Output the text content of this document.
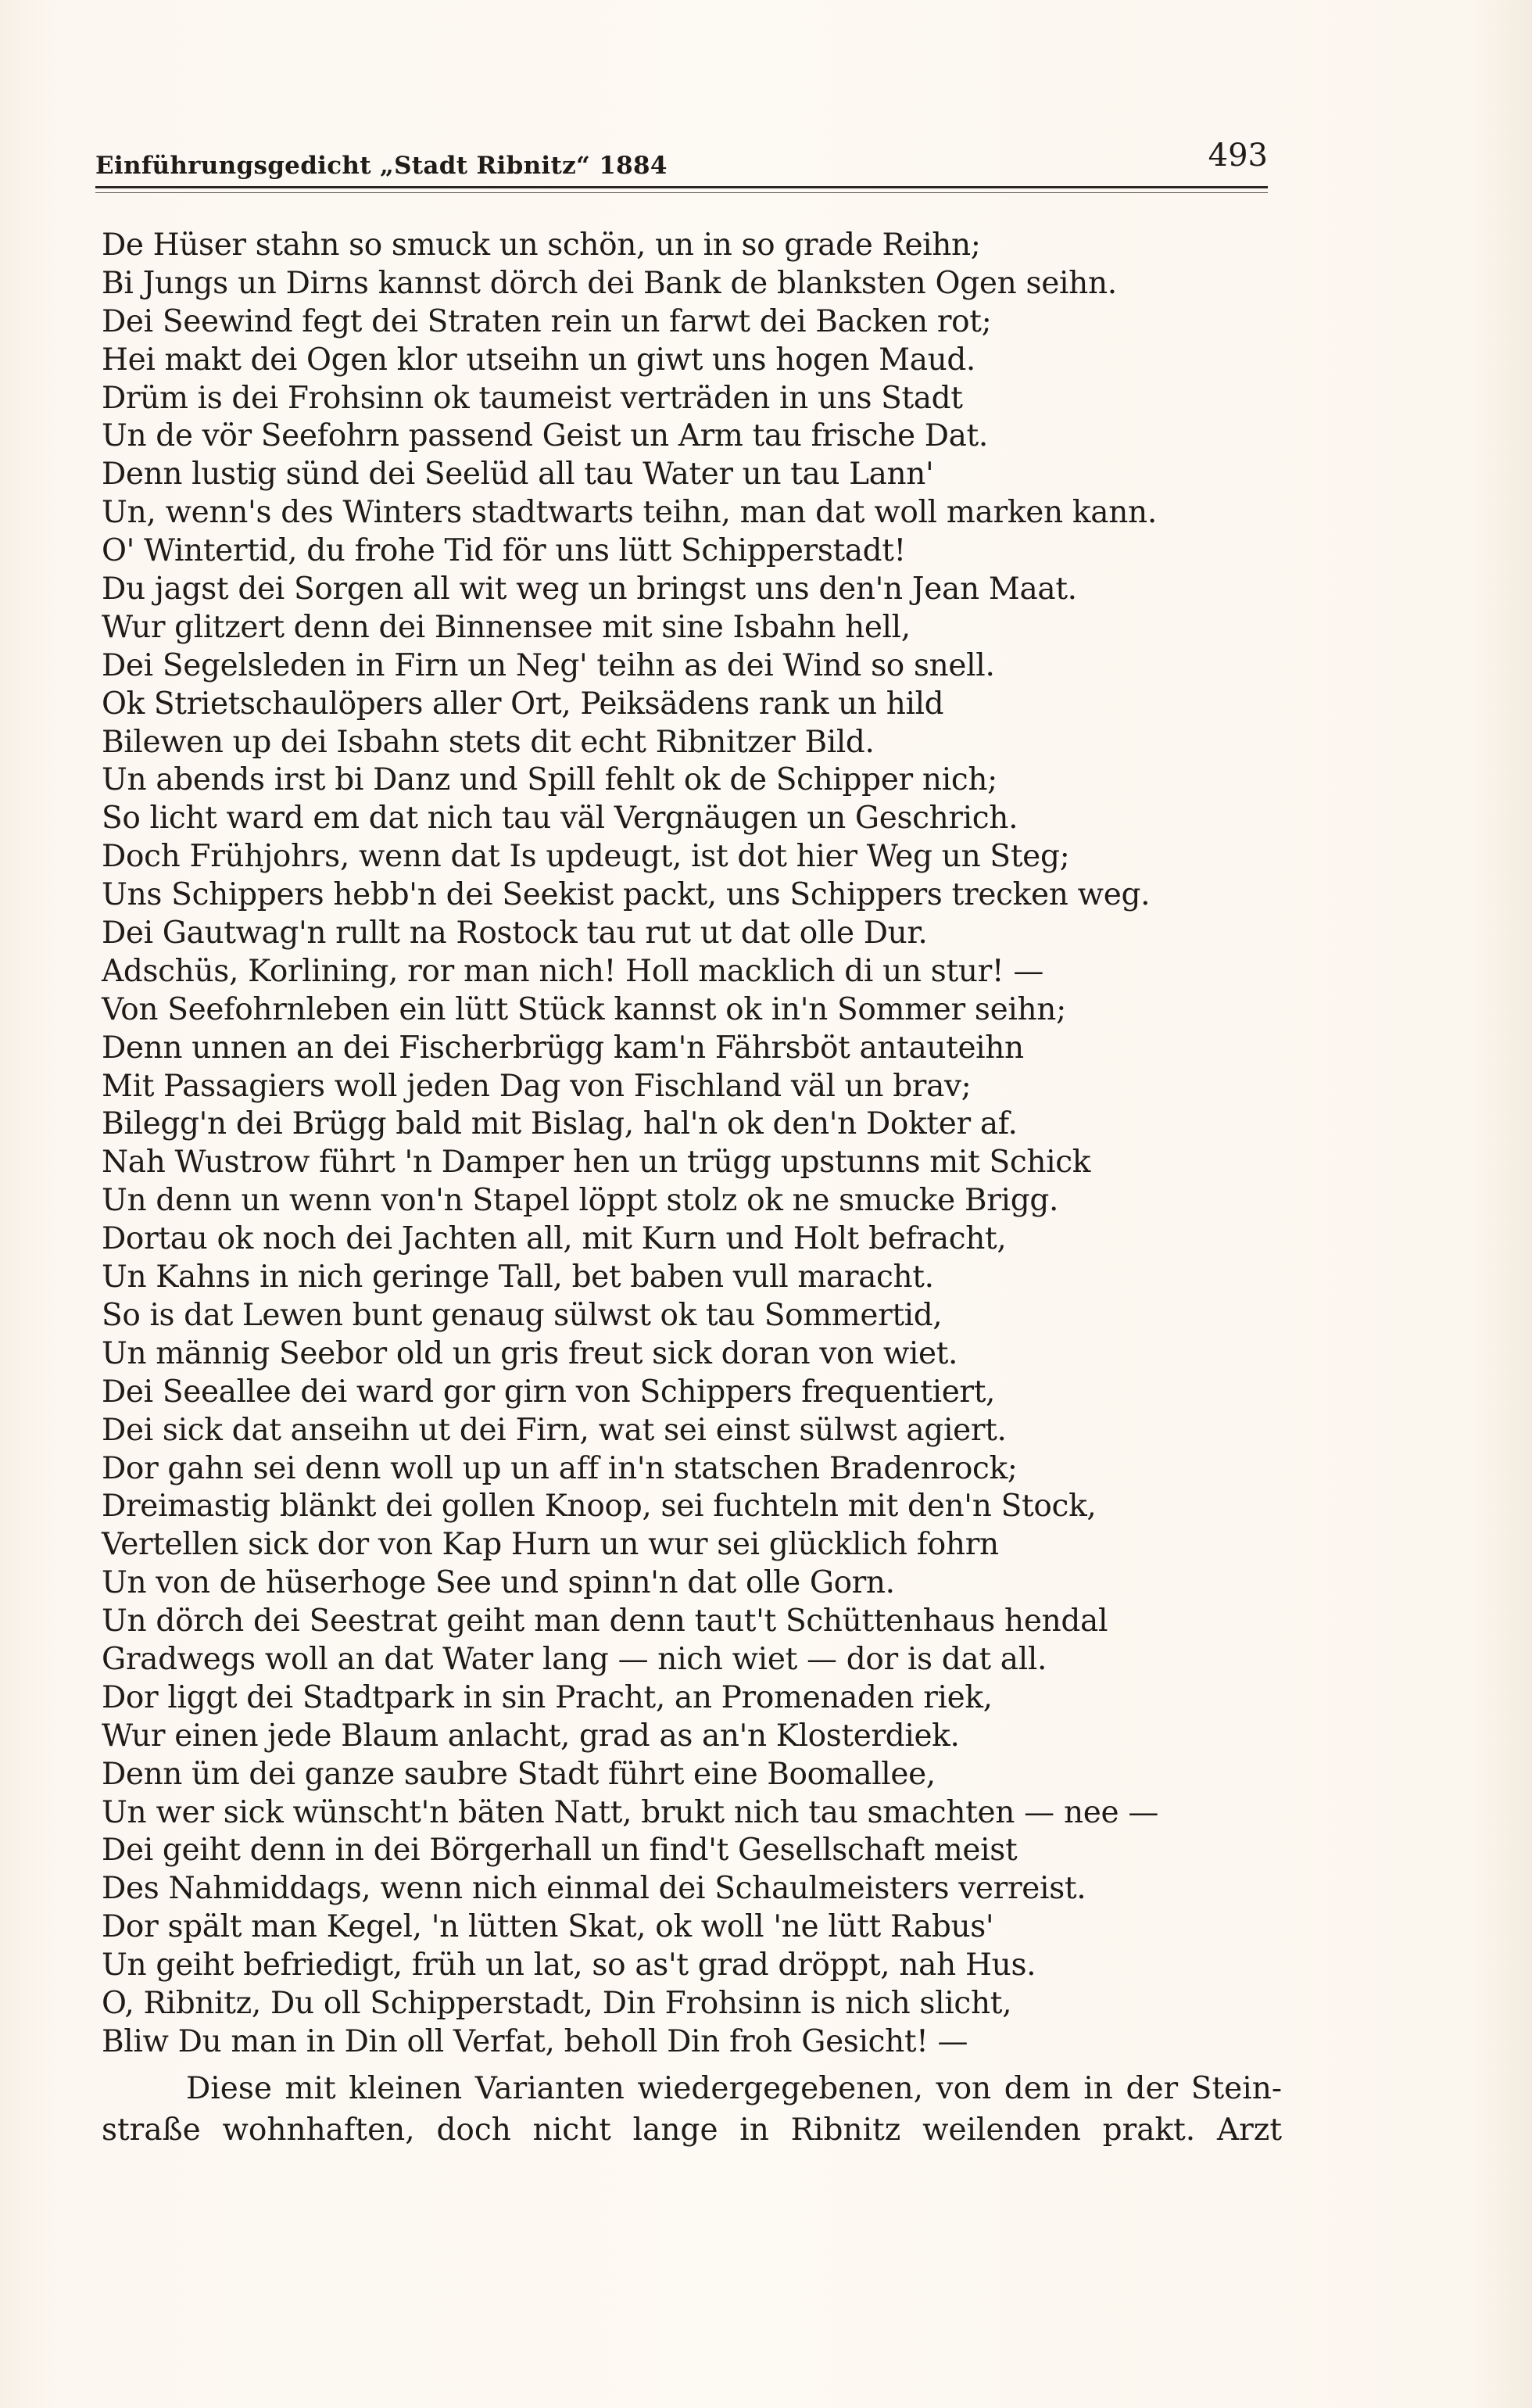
Einführungsgedicht „Stadt Ribnitz“ 1884	493
De Hüser stahn so smuck un schön, un in so grade Reihn;
Bi Jungs un Dirns kannst dörch dei Bank de blanksten Ogen seihn.
Dei Seewind fegt dei Straten rein un farwt dei Backen rot;
Hei makt dei Ogen klor utseihn un giwt uns hogen Maud.
Drüm is dei Frohsinn ok taumeist verträden in uns Stadt
Un de vör Seefohrn passend Geist un Arm tau frische Dat.
Denn lustig sünd dei Seelüd all tau Water un tau Lann'
Un, wenn's des Winters stadtwarts teihn, man dat woll marken kann.
O' Wintertid, du frohe Tid för uns lütt Schipperstadt!
Du jagst dei Sorgen all wit weg un bringst uns den'n Jean Maat.
Wur glitzert denn dei Binnensee mit sine Isbahn hell,
Dei Segelsleden in Firn un Neg' teihn as dei Wind so snell.
Ok Strietschaulöpers aller Ort, Peiksädens rank un hild
Bilewen up dei Isbahn stets dit echt Ribnitzer Bild.
Un abends irst bi Danz und Spill fehlt ok de Schipper nich;
So licht ward em dat nich tau väl Vergnäugen un Geschrich.
Doch Frühjohrs, wenn dat Is updeugt, ist dot hier Weg un Steg;
Uns Schippers hebb'n dei Seekist packt, uns Schippers trecken weg.
Dei Gautwag'n rullt na Rostock tau rut ut dat olle Dur.
Adschüs, Korlining, ror man nich! Holl macklich di un stur! —
Von Seefohrnleben ein lütt Stück kannst ok in'n Sommer seihn;
Denn unnen an dei Fischerbrügg kam'n Fährsböt antauteihn
Mit Passagiers woll jeden Dag von Fischland väl un brav;
Bilegg'n dei Brügg bald mit Bislag, hal'n ok den'n Dokter af.
Nah Wustrow führt 'n Damper hen un trügg upstunns mit Schick
Un denn un wenn von'n Stapel löppt stolz ok ne smucke Brigg.
Dortau ok noch dei Jachten all, mit Kurn und Holt befracht,
Un Kahns in nich geringe Tall, bet baben vull maracht.
So is dat Lewen bunt genaug sülwst ok tau Sommertid,
Un männig Seebor old un gris freut sick doran von wiet.
Dei Seeallee dei ward gor girn von Schippers frequentiert,
Dei sick dat anseihn ut dei Firn, wat sei einst sülwst agiert.
Dor gahn sei denn woll up un aff in'n statschen Bradenrock;
Dreimastig blänkt dei gollen Knoop, sei fuchteln mit den'n Stock,
Vertellen sick dor von Kap Hurn un wur sei glücklich fohrn
Un von de hüserhoge See und spinn'n dat olle Gorn.
Un dörch dei Seestrat geiht man denn taut't Schüttenhaus hendal
Gradwegs woll an dat Water lang — nich wiet — dor is dat all.
Dor liggt dei Stadtpark in sin Pracht, an Promenaden riek,
Wur einen jede Blaum anlacht, grad as an'n Klosterdiek.
Denn üm dei ganze saubre Stadt führt eine Boomallee,
Un wer sick wünscht'n bäten Natt, brukt nich tau smachten — nee —
Dei geiht denn in dei Börgerhall un find't Gesellschaft meist
Des Nahmiddags, wenn nich einmal dei Schaulmeisters verreist.
Dor spält man Kegel, 'n lütten Skat, ok woll 'ne lütt Rabus'
Un geiht befriedigt, früh un lat, so as't grad dröppt, nah Hus.
O, Ribnitz, Du oll Schipperstadt, Din Frohsinn is nich slicht,
Bliw Du man in Din oll Verfat, beholl Din froh Gesicht! —
Diese mit kleinen Varianten wiedergegebenen, von dem in der Stein-
straße wohnhaften, doch nicht lange in Ribnitz weilenden prakt. Arzt
